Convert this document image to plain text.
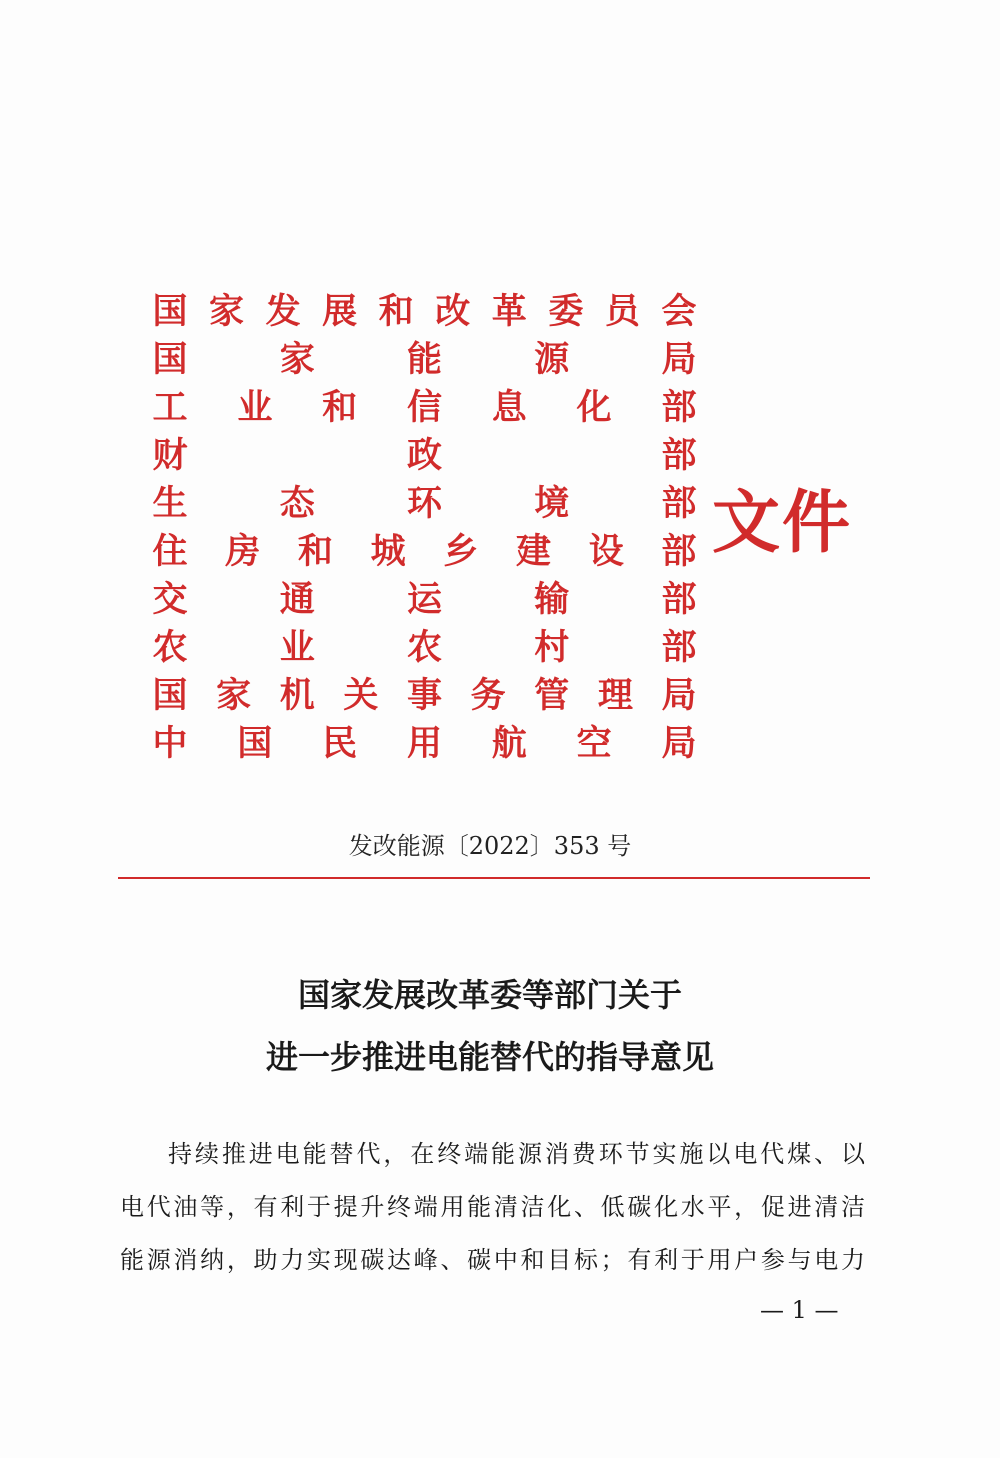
国 家 发 展 和 改 革 委 员 会
国	家	能	源	局
工 业 和 信 息 化 部
财	政	部
生	态	环	境	部
住 房 和 城 乡 建 设 部
交	通	运	输	部
农	业	农	村	部
国 家 机 关 事 务 管 理 局
中 国 民 用 航 空 局
文件
发改能源〔2022〕353 号
国家发展改革委等部门关于
进一步推进电能替代的指导意见
持续推进电能替代，在终端能源消费环节实施以电代煤、以
电代油等，有利于提升终端用能清洁化、低碳化水平，促进清洁
能源消纳，助力实现碳达峰、碳中和目标；有利于用户参与电力
— 1 —
